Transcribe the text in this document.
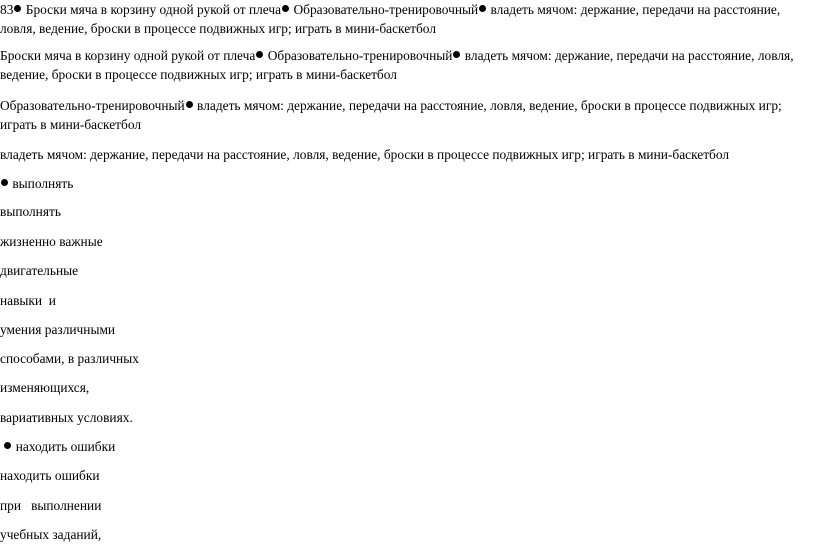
83 Броски мяча в корзину одной рукой от плеча Образовательно-тренировочный владеть мячом: держание, передачи на расстояние, ловля, ведение, броски в процессе подвижных игр; играть в мини-баскетбол

Броски мяча в корзину одной рукой от плеча Образовательно-тренировочный владеть мячом: держание, передачи на расстояние, ловля, ведение, броски в процессе подвижных игр; играть в мини-баскетбол

Образовательно-тренировочный владеть мячом: держание, передачи на расстояние, ловля, ведение, броски в процессе подвижных игр; играть в мини-баскетбол

владеть мячом: держание, передачи на расстояние, ловля, ведение, броски в процессе подвижных игр; играть в мини-баскетбол

выполнять

выполнять

жизненно важные

двигательные

навыки  и

умения различными

способами, в различных

изменяющихся,

вариативных условиях.

находить ошибки

находить ошибки

при   выполнении

учебных заданий,
